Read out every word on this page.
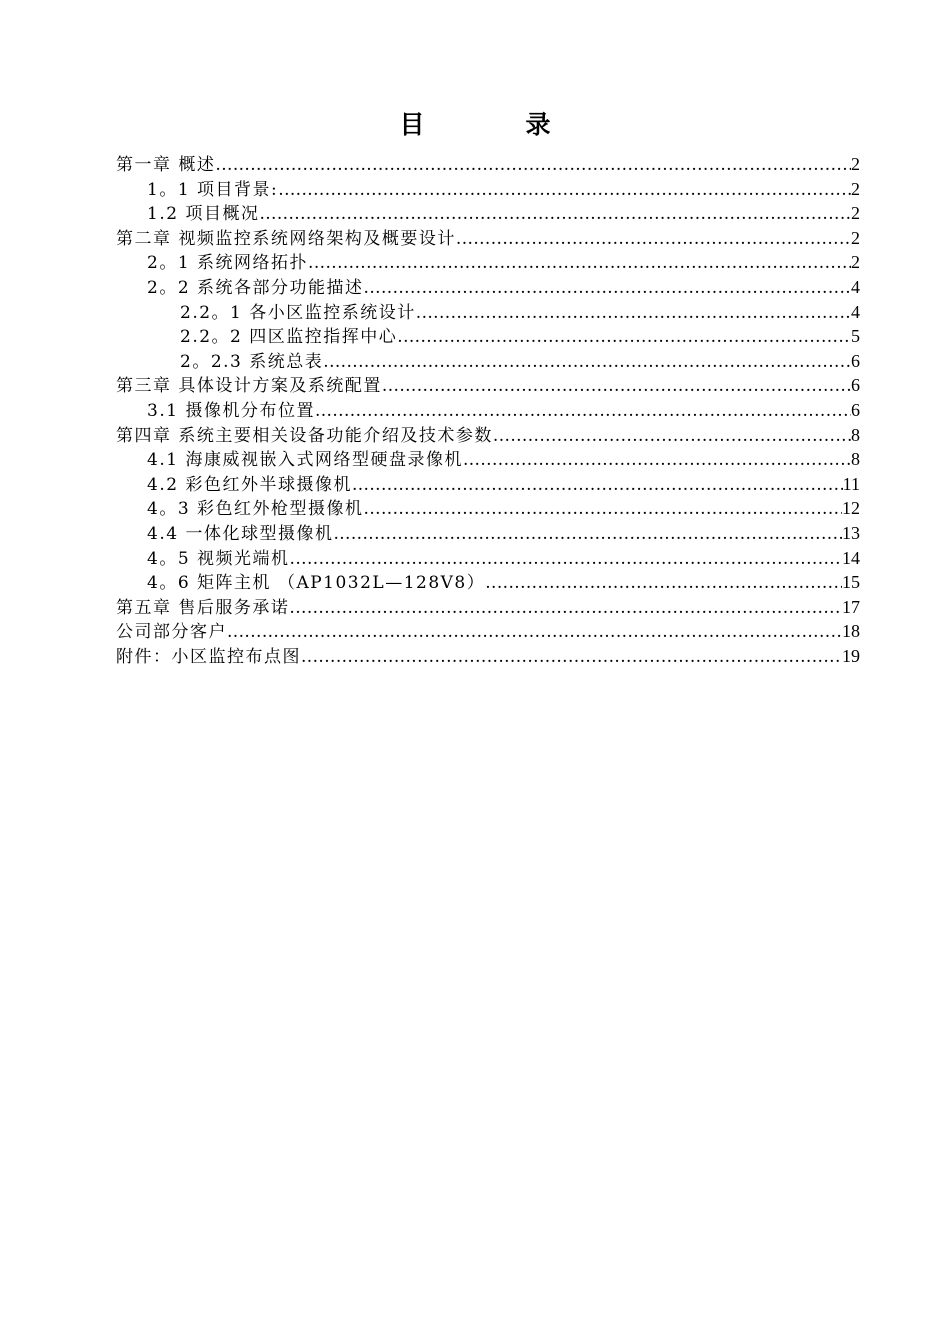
目　录
第一章 概述 .....	2
1。1 项目背景: .....	2
1.2 项目概况 .....	2
第二章 视频监控系统网络架构及概要设计 .....	2
2。1 系统网络拓扑 .....	2
2。2 系统各部分功能描述 .....	4
2.2。1 各小区监控系统设计 .....	4
2.2。2 四区监控指挥中心 .....	5
2。2.3 系统总表 .....	6
第三章 具体设计方案及系统配置 .....	6
3.1 摄像机分布位置 .....	6
第四章 系统主要相关设备功能介绍及技术参数 .....	8
4.1 海康威视嵌入式网络型硬盘录像机 .....	8
4.2 彩色红外半球摄像机 .....	11
4。3 彩色红外枪型摄像机 .....	12
4.4 一体化球型摄像机 .....	13
4。5 视频光端机 .....	14
4。6 矩阵主机 （AP1032L—128V8） .....	15
第五章 售后服务承诺 .....	17
公司部分客户 .....	18
附件：小区监控布点图 .....	19
